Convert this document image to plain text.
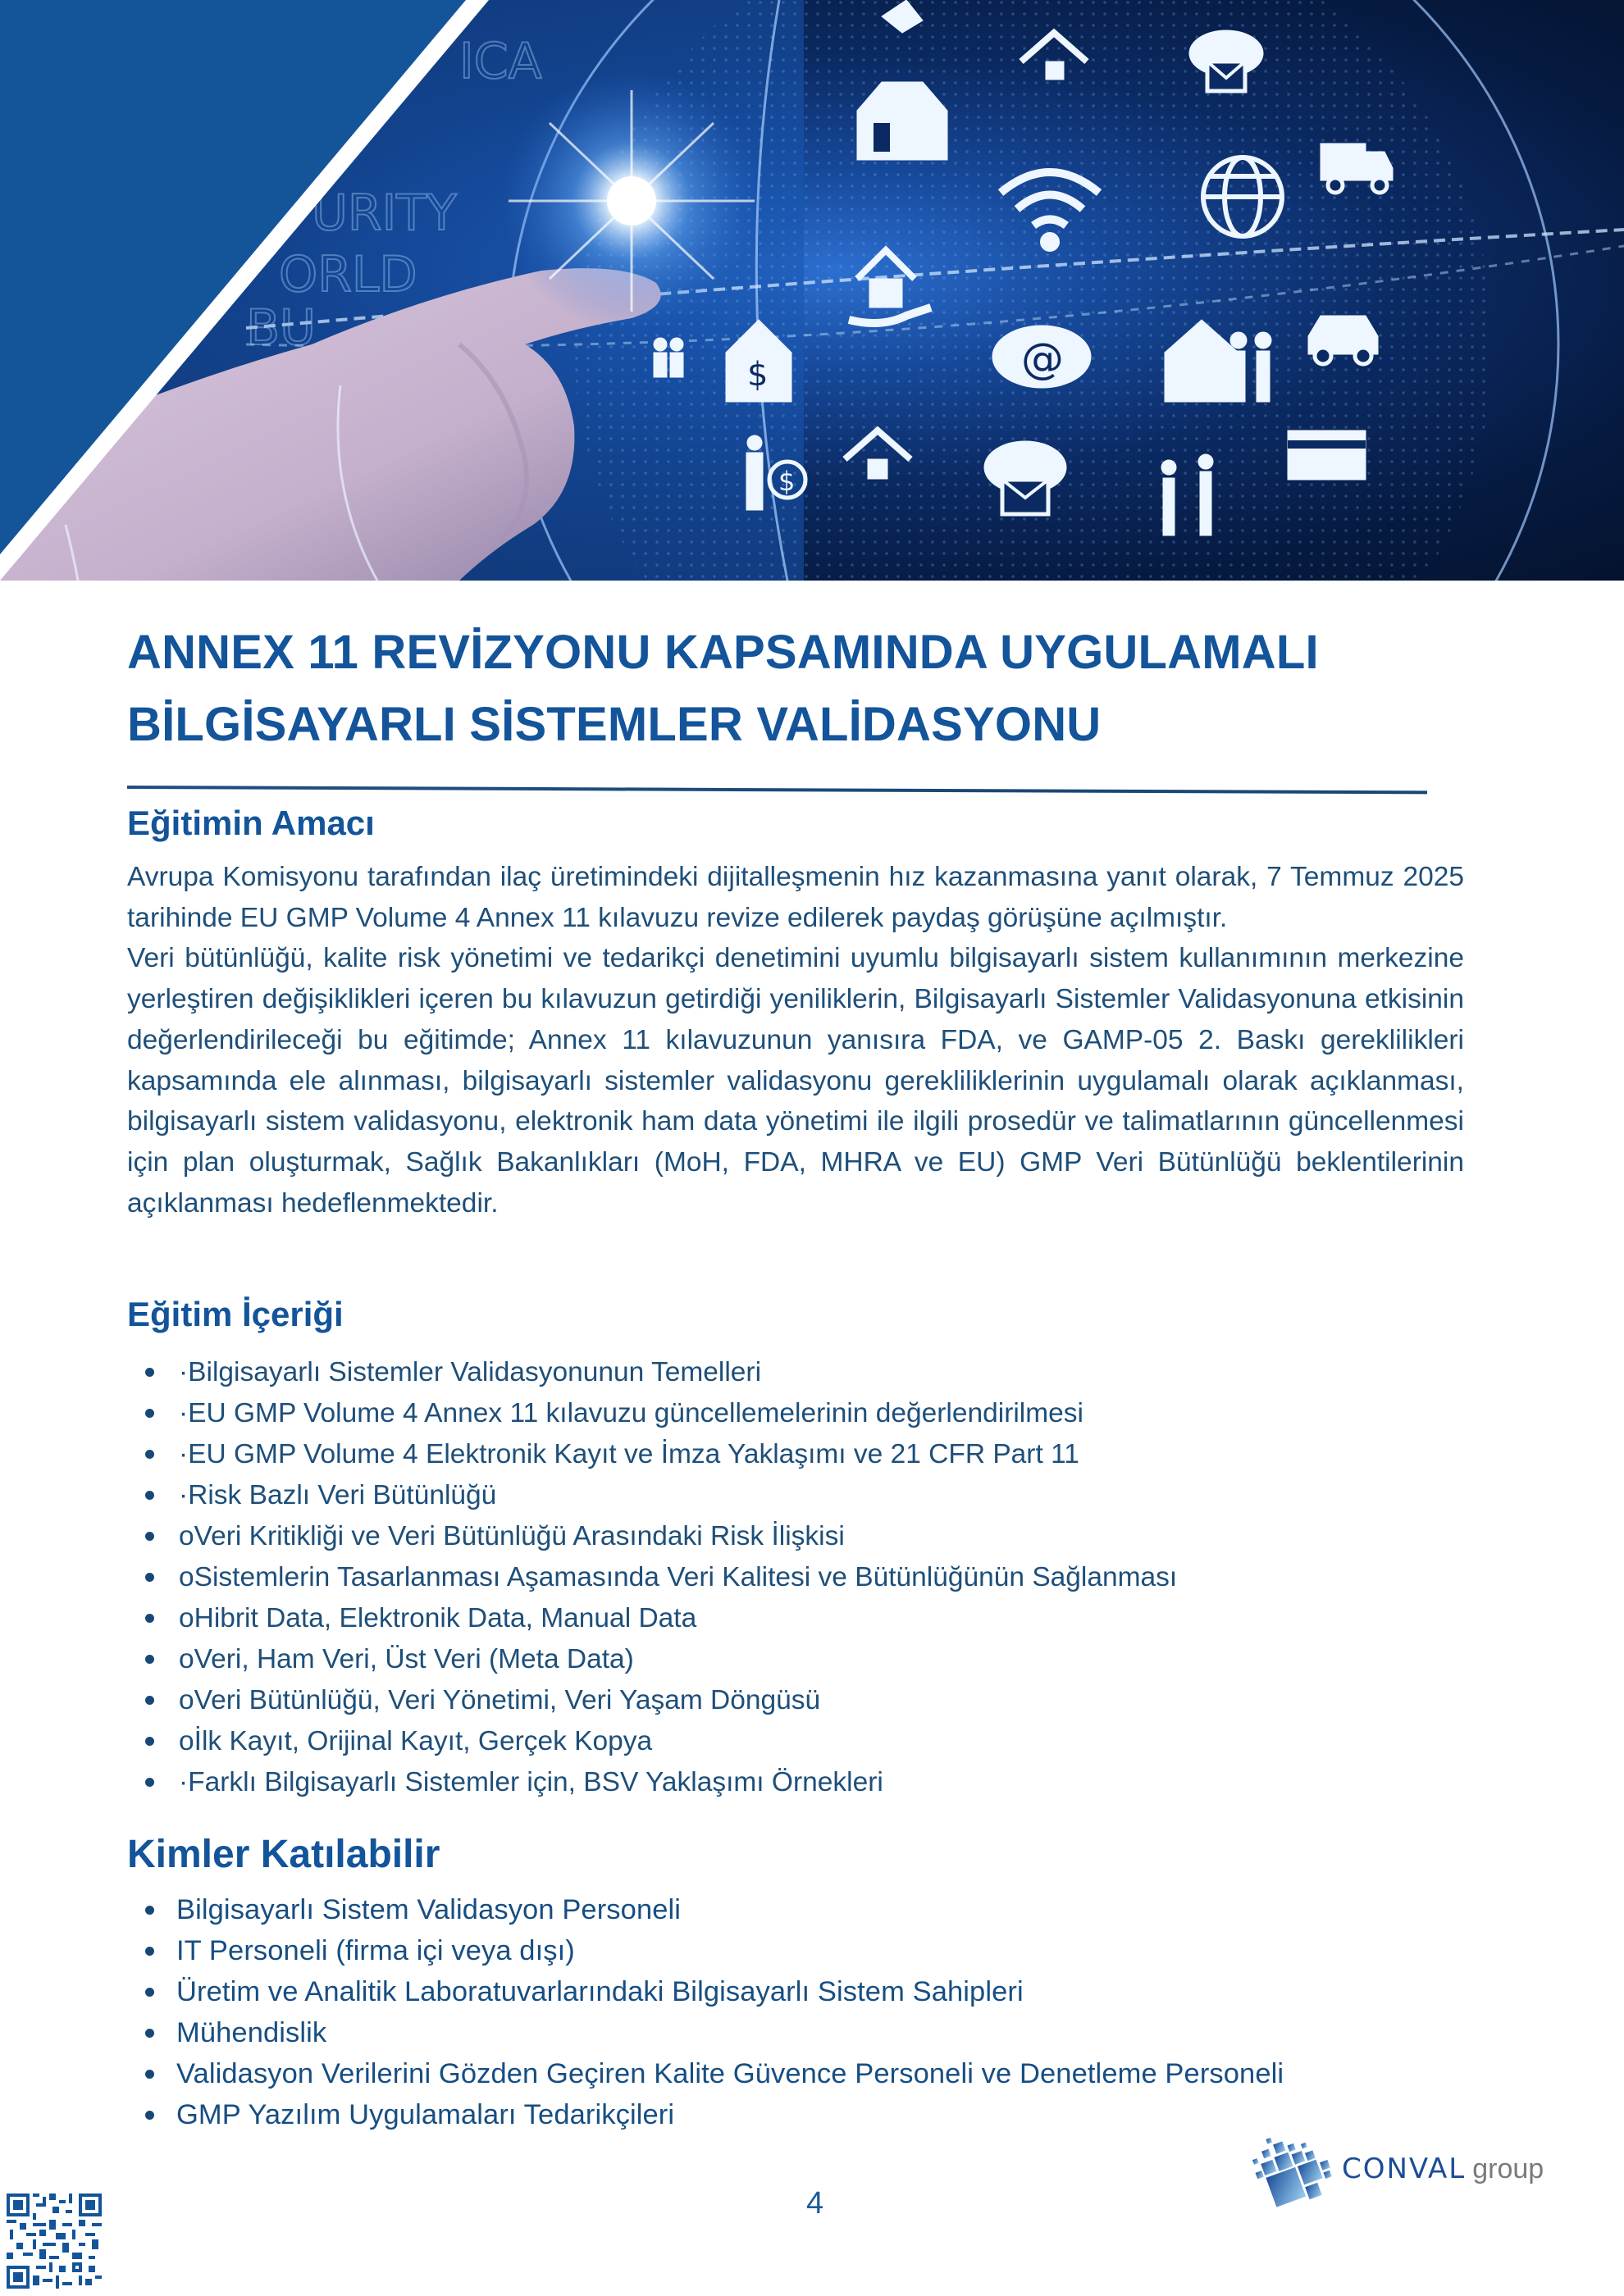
ICA
URITY
ORLD
BU
@
$
$
ANNEX 11 REVİZYONU KAPSAMINDA UYGULAMALI
BİLGİSAYARLI SİSTEMLER VALİDASYONU
Eğitimin Amacı

Avrupa Komisyonu tarafından ilaç üretimindeki dijitalleşmenin hız kazanmasına yanıt olarak, 7 Temmuz 2025 tarihinde EU GMP Volume 4 Annex 11 kılavuzu revize edilerek paydaş görüşüne açılmıştır.

Veri bütünlüğü, kalite risk yönetimi ve tedarikçi denetimini uyumlu bilgisayarlı sistem kullanımının merkezine yerleştiren değişiklikleri içeren bu kılavuzun getirdiği yeniliklerin, Bilgisayarlı Sistemler Validasyonuna etkisinin değerlendirileceği bu eğitimde; Annex 11 kılavuzunun yanısıra FDA, ve GAMP-05 2. Baskı gereklilikleri kapsamında ele alınması, bilgisayarlı sistemler validasyonu gerekliliklerinin uygulamalı olarak açıklanması, bilgisayarlı sistem validasyonu, elektronik ham data yönetimi ile ilgili prosedür ve talimatlarının güncellenmesi için plan oluşturmak, Sağlık Bakanlıkları (MoH, FDA, MHRA ve EU) GMP Veri Bütünlüğü beklentilerinin açıklanması hedeflenmektedir.

Eğitim İçeriği
·Bilgisayarlı Sistemler Validasyonunun Temelleri
·EU GMP Volume 4 Annex 11 kılavuzu güncellemelerinin değerlendirilmesi
·EU GMP Volume 4 Elektronik Kayıt ve İmza Yaklaşımı ve 21 CFR Part 11
·Risk Bazlı Veri Bütünlüğü
oVeri Kritikliği ve Veri Bütünlüğü Arasındaki Risk İlişkisi
oSistemlerin Tasarlanması Aşamasında Veri Kalitesi ve Bütünlüğünün Sağlanması
oHibrit Data, Elektronik Data, Manual Data
oVeri, Ham Veri, Üst Veri (Meta Data)
oVeri Bütünlüğü, Veri Yönetimi, Veri Yaşam Döngüsü
oİlk Kayıt, Orijinal Kayıt, Gerçek Kopya
·Farklı Bilgisayarlı Sistemler için, BSV Yaklaşımı Örnekleri
Kimler Katılabilir
Bilgisayarlı Sistem Validasyon Personeli
IT Personeli (firma içi veya dışı)
Üretim ve Analitik Laboratuvarlarındaki Bilgisayarlı Sistem Sahipleri
Mühendislik
Validasyon Verilerini Gözden Geçiren Kalite Güvence Personeli ve Denetleme Personeli
GMP Yazılım Uygulamaları Tedarikçileri
4
CONVAL group
